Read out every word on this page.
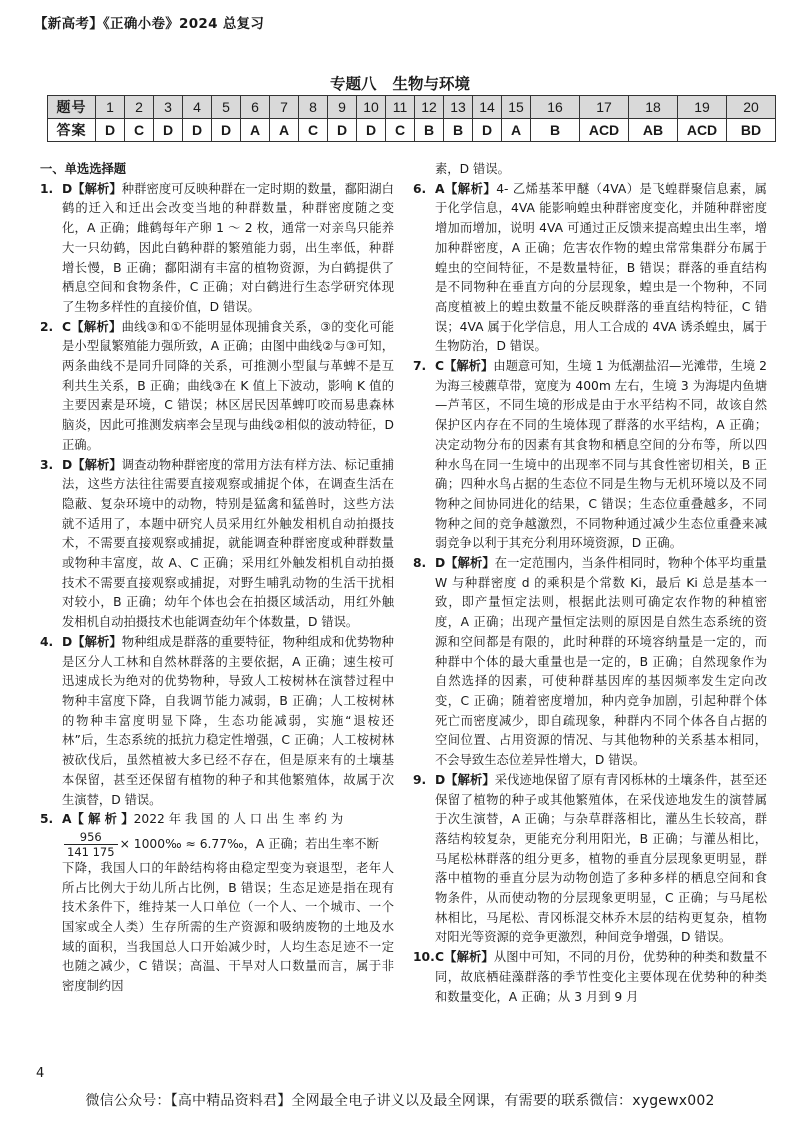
【新高考】《正确小卷》2024 总复习
专题八 生物与环境
题号	1	2	3	4	5	6	7	8	9	10	11	12	13	14	15	16	17	18	19	20
答案	D	C	D	D	D	A	A	C	D	D	C	B	B	D	A	B	ACD	AB	ACD	BD
一、单选选择题

1. D【解析】种群密度可反映种群在一定时期的数量，鄱阳湖白鹤的迁入和迁出会改变当地的种群数量，种群密度随之变化，A 正确；雌鹤每年产卵 1 ～ 2 枚，通常一对亲鸟只能养大一只幼鹤，因此白鹤种群的繁殖能力弱，出生率低，种群增长慢，B 正确；鄱阳湖有丰富的植物资源，为白鹤提供了栖息空间和食物条件，C 正确；对白鹤进行生态学研究体现了生物多样性的直接价值，D 错误。

2. C【解析】曲线③和①不能明显体现捕食关系，③的变化可能是小型鼠繁殖能力强所致，A 正确；由图中曲线②与③可知，两条曲线不是同升同降的关系，可推测小型鼠与革蜱不是互利共生关系，B 正确；曲线③在 K 值上下波动，影响 K 值的主要因素是环境，C 错误；林区居民因革蜱叮咬而易患森林脑炎，因此可推测发病率会呈现与曲线②相似的波动特征，D 正确。

3. D【解析】调查动物种群密度的常用方法有样方法、标记重捕法，这些方法往往需要直接观察或捕捉个体，在调查生活在隐蔽、复杂环境中的动物，特别是猛禽和猛兽时，这些方法就不适用了，本题中研究人员采用红外触发相机自动拍摄技术，不需要直接观察或捕捉，就能调查种群密度或种群数量或物种丰富度，故 A、C 正确；采用红外触发相机自动拍摄技术不需要直接观察或捕捉，对野生哺乳动物的生活干扰相对较小，B 正确；幼年个体也会在拍摄区域活动，用红外触发相机自动拍摄技术也能调查幼年个体数量，D 错误。

4. D【解析】物种组成是群落的重要特征，物种组成和优势物种是区分人工林和自然林群落的主要依据，A 正确；速生桉可迅速成长为绝对的优势物种，导致人工桉树林在演替过程中物种丰富度下降，自我调节能力减弱，B 正确；人工桉树林的物种丰富度明显下降，生态功能减弱，实施“退桉还林”后，生态系统的抵抗力稳定性增强，C 正确；人工桉树林被砍伐后，虽然植被大多已经不存在，但是原来有的土壤基本保留，甚至还保留有植物的种子和其他繁殖体，故属于次生演替，D 错误。

5. A【 解 析 】2022 年 我 国 的 人 口 出 生 率 约 为

$\frac{956}{141 175}$ × 1000‰ ≈ 6.77‰，A 正确；若出生率不断
下降，我国人口的年龄结构将由稳定型变为衰退型，老年人所占比例大于幼儿所占比例，B 错误；生态足迹是指在现有技术条件下，维持某一人口单位（一个人、一个城市、一个国家或全人类）生存所需的生产资源和吸纳废物的土地及水域的面积，当我国总人口开始减少时，人均生态足迹不一定也随之减少，C 错误；高温、干旱对人口数量而言，属于非密度制约因
素，D 错误。

6. A【解析】4- 乙烯基苯甲醚（4VA）是飞蝗群聚信息素，属于化学信息，4VA 能影响蝗虫种群密度变化，并随种群密度增加而增加，说明 4VA 可通过正反馈来提高蝗虫出生率，增加种群密度，A 正确；危害农作物的蝗虫常常集群分布属于蝗虫的空间特征，不是数量特征，B 错误；群落的垂直结构是不同物种在垂直方向的分层现象，蝗虫是一个物种，不同高度植被上的蝗虫数量不能反映群落的垂直结构特征，C 错误；4VA 属于化学信息，用人工合成的 4VA 诱杀蝗虫，属于生物防治，D 错误。

7. C【解析】由题意可知，生境 1 为低潮盐沼—光滩带，生境 2 为海三棱藨草带，宽度为 400m 左右，生境 3 为海堤内鱼塘—芦苇区，不同生境的形成是由于水平结构不同，故该自然保护区内存在不同的生境体现了群落的水平结构，A 正确；决定动物分布的因素有其食物和栖息空间的分布等，所以四种水鸟在同一生境中的出现率不同与其食性密切相关，B 正确；四种水鸟占据的生态位不同是生物与无机环境以及不同物种之间协同进化的结果，C 错误；生态位重叠越多，不同物种之间的竞争越激烈，不同物种通过减少生态位重叠来减弱竞争以利于其充分利用环境资源，D 正确。

8. D【解析】在一定范围内，当条件相同时，物种个体平均重量 W 与种群密度 d 的乘积是个常数 Ki，最后 Ki 总是基本一致，即产量恒定法则，根据此法则可确定农作物的种植密度，A 正确；出现产量恒定法则的原因是自然生态系统的资源和空间都是有限的，此时种群的环境容纳量是一定的，而种群中个体的最大重量也是一定的，B 正确；自然现象作为自然选择的因素，可使种群基因库的基因频率发生定向改变，C 正确；随着密度增加，种内竞争加剧，引起种群个体死亡而密度减少，即自疏现象，种群内不同个体各自占据的空间位置、占用资源的情况、与其他物种的关系基本相同，不会导致生态位差异性增大，D 错误。

9. D【解析】采伐迹地保留了原有青冈栎林的土壤条件，甚至还保留了植物的种子或其他繁殖体，在采伐迹地发生的演替属于次生演替，A 正确；与杂草群落相比，灌丛生长较高，群落结构较复杂，更能充分利用阳光，B 正确；与灌丛相比，马尾松林群落的组分更多，植物的垂直分层现象更明显，群落中植物的垂直分层为动物创造了多种多样的栖息空间和食物条件，从而使动物的分层现象更明显，C 正确；与马尾松林相比，马尾松、青冈栎混交林乔木层的结构更复杂，植物对阳光等资源的竞争更激烈，种间竞争增强，D 错误。

10.C【解析】从图中可知，不同的月份，优势种的种类和数量不同，故底栖硅藻群落的季节性变化主要体现在优势种的种类和数量变化，A 正确；从 3 月到 9 月

4
微信公众号：【高中精品资料君】全网最全电子讲义以及最全网课，有需要的联系微信：xygewx002
